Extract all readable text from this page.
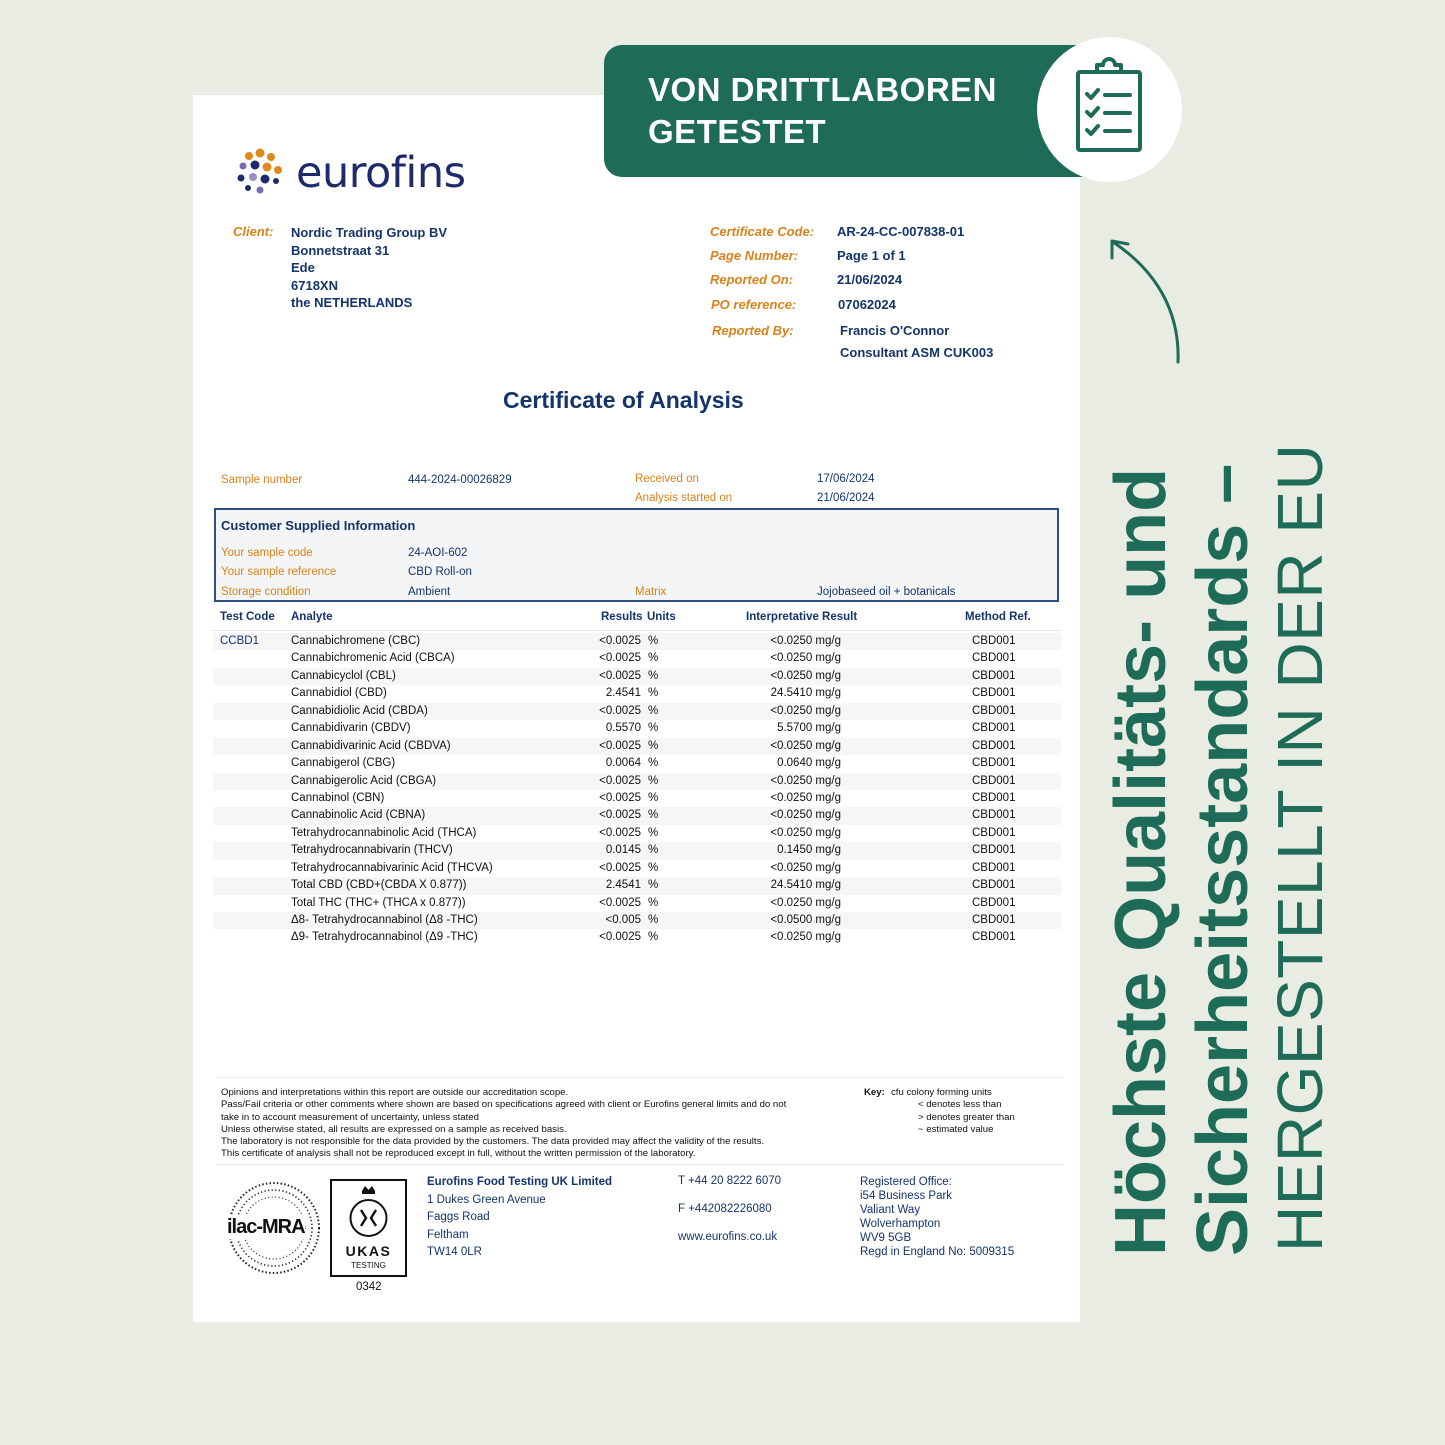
eurofins
Client: Nordic Trading Group BV
Bonnetstraat 31
Ede
6718XN
the NETHERLANDS
Certificate Code: AR-24-CC-007838-01
Page Number:	Page 1 of 1
Reported On:	21/06/2024
PO reference:	07062024
Reported By:	Francis O'Connor
Consultant ASM CUK003
Certificate of Analysis
Sample number	444-2024-00026829	Received on	17/06/2024
Analysis started on	21/06/2024
Customer Supplied Information
Your sample code	24-AOI-602
Your sample reference	CBD Roll-on
Storage condition	Ambient	Matrix	Jojobaseed oil + botanicals
Test Code Analyte	Results Units	Interpretative Result	Method Ref.
CCBD1	Cannabichromene (CBC)	<0.0025 %	<0.0250 mg/g	CBD001
Cannabichromenic Acid (CBCA)	<0.0025 %	<0.0250 mg/g	CBD001
Cannabicyclol (CBL)	<0.0025 %	<0.0250 mg/g	CBD001
Cannabidiol (CBD)	2.4541 %	24.5410 mg/g	CBD001
Cannabidiolic Acid (CBDA)	<0.0025 %	<0.0250 mg/g	CBD001
Cannabidivarin (CBDV)	0.5570 %	5.5700 mg/g	CBD001
Cannabidivarinic Acid (CBDVA)	<0.0025 %	<0.0250 mg/g	CBD001
Cannabigerol (CBG)	0.0064 %	0.0640 mg/g	CBD001
Cannabigerolic Acid (CBGA)	<0.0025 %	<0.0250 mg/g	CBD001
Cannabinol (CBN)	<0.0025 %	<0.0250 mg/g	CBD001
Cannabinolic Acid (CBNA)	<0.0025 %	<0.0250 mg/g	CBD001
Tetrahydrocannabinolic Acid (THCA)	<0.0025 %	<0.0250 mg/g	CBD001
Tetrahydrocannabivarin (THCV)	0.0145 %	0.1450 mg/g	CBD001
Tetrahydrocannabivarinic Acid (THCVA)	<0.0025 %	<0.0250 mg/g	CBD001
Total CBD (CBD+(CBDA X 0.877))	2.4541 %	24.5410 mg/g	CBD001
Total THC (THC+ (THCA x 0.877))	<0.0025 %	<0.0250 mg/g	CBD001
Δ8- Tetrahydrocannabinol (Δ8 -THC)	<0.005 %	<0.0500 mg/g	CBD001
Δ9- Tetrahydrocannabinol (Δ9 -THC)	<0.0025 %	<0.0250 mg/g	CBD001
Opinions and interpretations within this report are outside our accreditation scope.
Pass/Fail criteria or other comments where shown are based on specifications agreed with client or Eurofins general limits and do not
take in to account measurement of uncertainty, unless stated
Unless otherwise stated, all results are expressed on a sample as received basis.
The laboratory is not responsible for the data provided by the customers. The data provided may affect the validity of the results.
This certificate of analysis shall not be reproduced except in full, without the written permission of the laboratory.
Key: cfu colony forming units
< denotes less than
> denotes greater than
~ estimated value
ilac-MRA
UKAS
TESTING
0342
Eurofins Food Testing UK Limited
1 Dukes Green Avenue
Faggs Road
Feltham
TW14 0LR
T +44 20 8222 6070
F +442082226080
www.eurofins.co.uk
Registered Office:
i54 Business Park
Valiant Way
Wolverhampton
WV9 5GB
Regd in England No: 5009315
VON DRITTLABOREN
GETESTET
Höchste Qualitäts- und Sicherheitsstandards – HERGESTELLT IN DER EU
